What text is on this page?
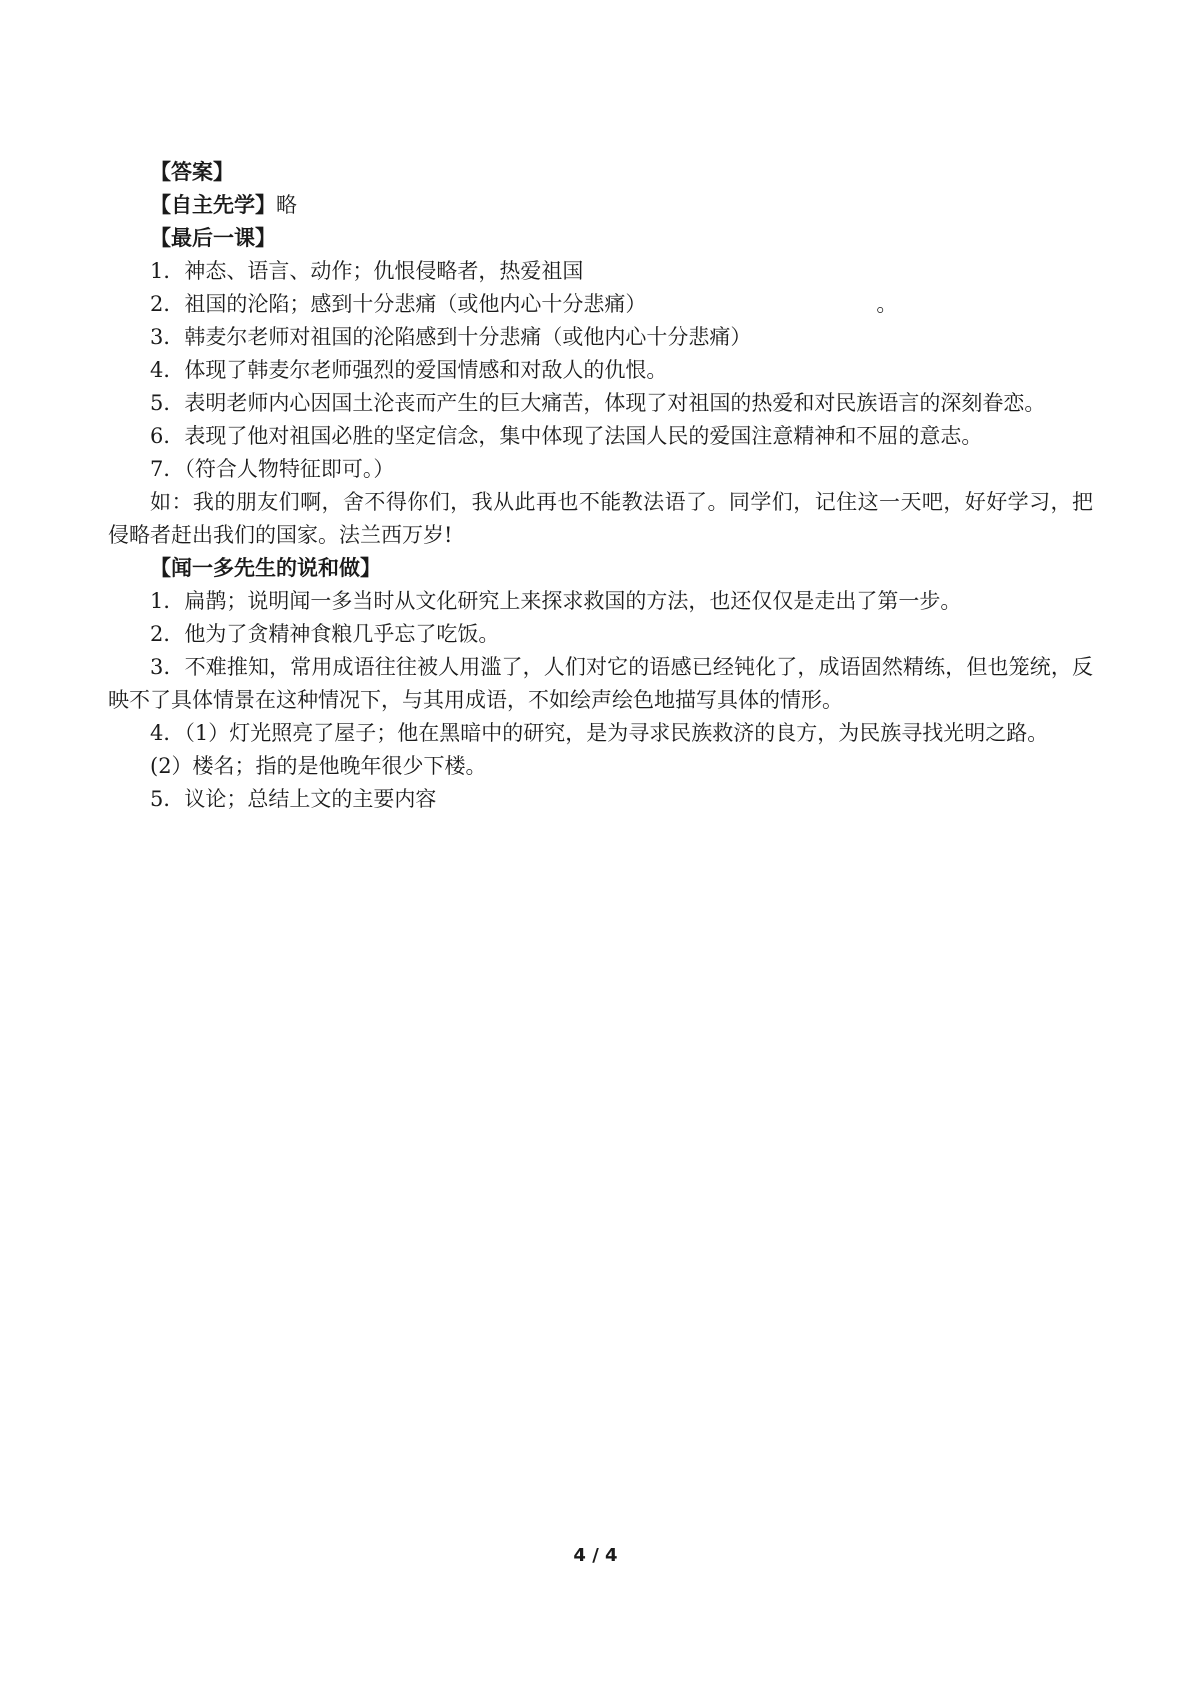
【答案】
【自主先学】略
【最后一课】
1．神态、语言、动作；仇恨侵略者，热爱祖国
2．祖国的沦陷；感到十分悲痛（或他内心十分悲痛）	。
3．韩麦尔老师对祖国的沦陷感到十分悲痛（或他内心十分悲痛）
4．体现了韩麦尔老师强烈的爱国情感和对敌人的仇恨。
5．表明老师内心因国土沦丧而产生的巨大痛苦，体现了对祖国的热爱和对民族语言的深刻眷恋。
6．表现了他对祖国必胜的坚定信念，集中体现了法国人民的爱国注意精神和不屈的意志。
7．（符合人物特征即可。）
如：我的朋友们啊，舍不得你们，我从此再也不能教法语了。同学们，记住这一天吧，好好学习，把侵略者赶出我们的国家。法兰西万岁!
【闻一多先生的说和做】
1．扁鹊；说明闻一多当时从文化研究上来探求救国的方法，也还仅仅是走出了第一步。
2．他为了贪精神食粮几乎忘了吃饭。
3．不难推知，常用成语往往被人用滥了，人们对它的语感已经钝化了，成语固然精练，但也笼统，反映不了具体情景在这种情况下，与其用成语，不如绘声绘色地描写具体的情形。
4．（1）灯光照亮了屋子；他在黑暗中的研究，是为寻求民族救济的良方，为民族寻找光明之路。
(2）楼名；指的是他晚年很少下楼。
5．议论；总结上文的主要内容
4 / 4
